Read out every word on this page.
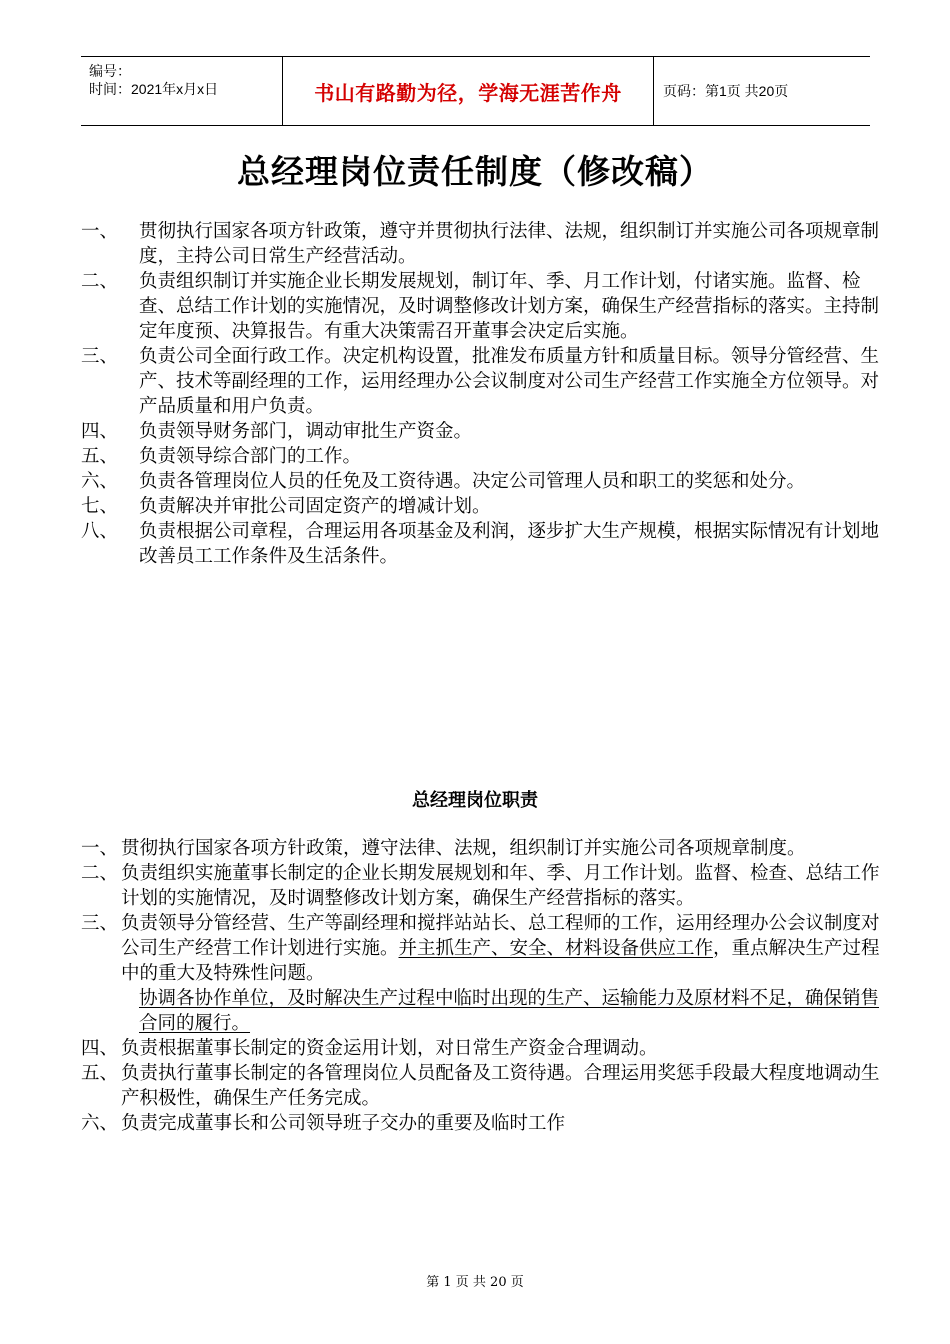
编号：
时间：2021年x月x日	书山有路勤为径，学海无涯苦作舟	页码：第1页 共20页
总经理岗位责任制度（修改稿）
一、 贯彻执行国家各项方针政策，遵守并贯彻执行法律、法规，组织制订并实施公司各项规章制度，主持公司日常生产经营活动。
二、 负责组织制订并实施企业长期发展规划，制订年、季、月工作计划，付诸实施。监督、检查、总结工作计划的实施情况，及时调整修改计划方案，确保生产经营指标的落实。主持制定年度预、决算报告。有重大决策需召开董事会决定后实施。
三、 负责公司全面行政工作。决定机构设置，批准发布质量方针和质量目标。领导分管经营、生产、技术等副经理的工作，运用经理办公会议制度对公司生产经营工作实施全方位领导。对产品质量和用户负责。
四、 负责领导财务部门，调动审批生产资金。
五、 负责领导综合部门的工作。
六、 负责各管理岗位人员的任免及工资待遇。决定公司管理人员和职工的奖惩和处分。
七、 负责解决并审批公司固定资产的增减计划。
八、 负责根据公司章程，合理运用各项基金及利润，逐步扩大生产规模，根据实际情况有计划地改善员工工作条件及生活条件。
总经理岗位职责
一、 贯彻执行国家各项方针政策，遵守法律、法规，组织制订并实施公司各项规章制度。
二、 负责组织实施董事长制定的企业长期发展规划和年、季、月工作计划。监督、检查、总结工作计划的实施情况，及时调整修改计划方案，确保生产经营指标的落实。
三、 负责领导分管经营、生产等副经理和搅拌站站长、总工程师的工作，运用经理办公会议制度对公司生产经营工作计划进行实施。并主抓生产、安全、材料设备供应工作，重点解决生产过程中的重大及特殊性问题。
协调各协作单位，及时解决生产过程中临时出现的生产、运输能力及原材料不足，确保销售合同的履行。
四、 负责根据董事长制定的资金运用计划，对日常生产资金合理调动。
五、 负责执行董事长制定的各管理岗位人员配备及工资待遇。合理运用奖惩手段最大程度地调动生产积极性，确保生产任务完成。
六、 负责完成董事长和公司领导班子交办的重要及临时工作
第 1 页 共 20 页
